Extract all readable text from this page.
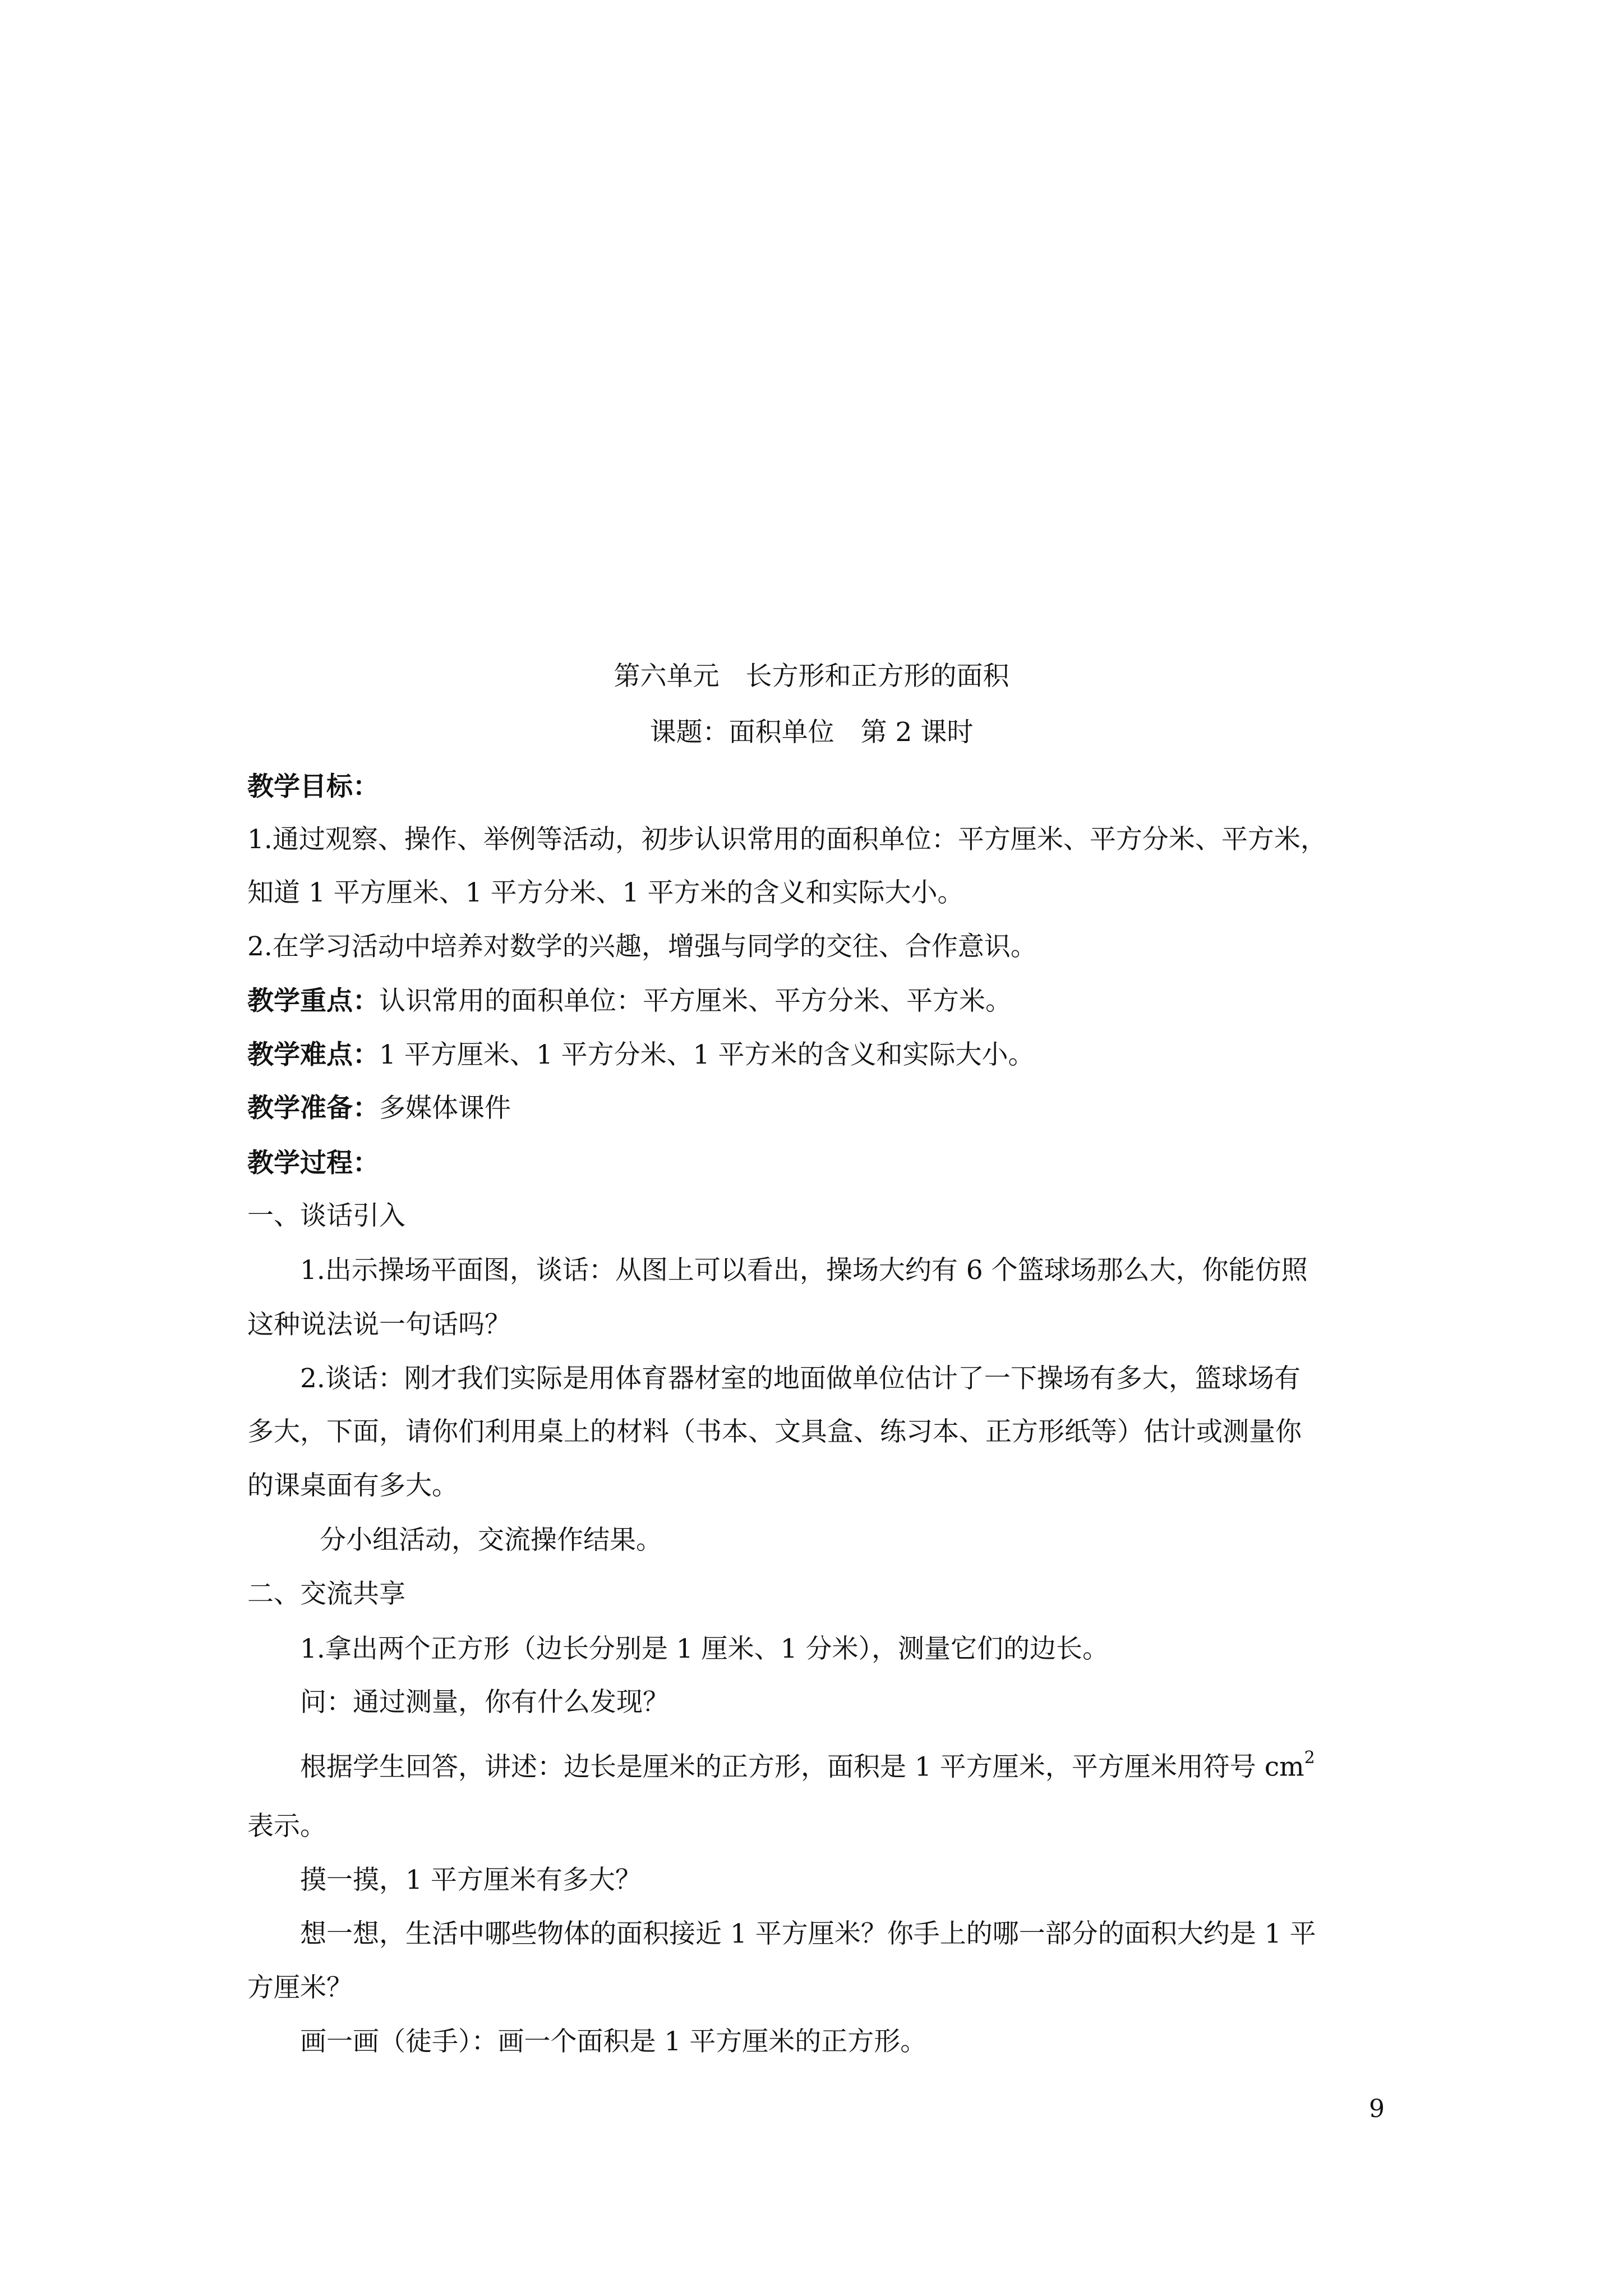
第六单元　长方形和正方形的面积
课题：面积单位　第 2 课时
教学目标：
1.通过观察、操作、举例等活动，初步认识常用的面积单位：平方厘米、平方分米、平方米，
知道 1 平方厘米、1 平方分米、1 平方米的含义和实际大小。
2.在学习活动中培养对数学的兴趣，增强与同学的交往、合作意识。
教学重点：认识常用的面积单位：平方厘米、平方分米、平方米。
教学难点：1 平方厘米、1 平方分米、1 平方米的含义和实际大小。
教学准备：多媒体课件
教学过程：
一、谈话引入
1.出示操场平面图，谈话：从图上可以看出，操场大约有 6 个篮球场那么大，你能仿照
这种说法说一句话吗？
2.谈话：刚才我们实际是用体育器材室的地面做单位估计了一下操场有多大，篮球场有
多大，下面，请你们利用桌上的材料（书本、文具盒、练习本、正方形纸等）估计或测量你
的课桌面有多大。
分小组活动，交流操作结果。
二、交流共享
1.拿出两个正方形（边长分别是 1 厘米、1 分米），测量它们的边长。
问：通过测量，你有什么发现？
根据学生回答，讲述：边长是厘米的正方形，面积是 1 平方厘米，平方厘米用符号 $cm^2$
表示。
摸一摸，1 平方厘米有多大？
想一想，生活中哪些物体的面积接近 1 平方厘米？你手上的哪一部分的面积大约是 1 平
方厘米？
画一画（徒手）：画一个面积是 1 平方厘米的正方形。
9
